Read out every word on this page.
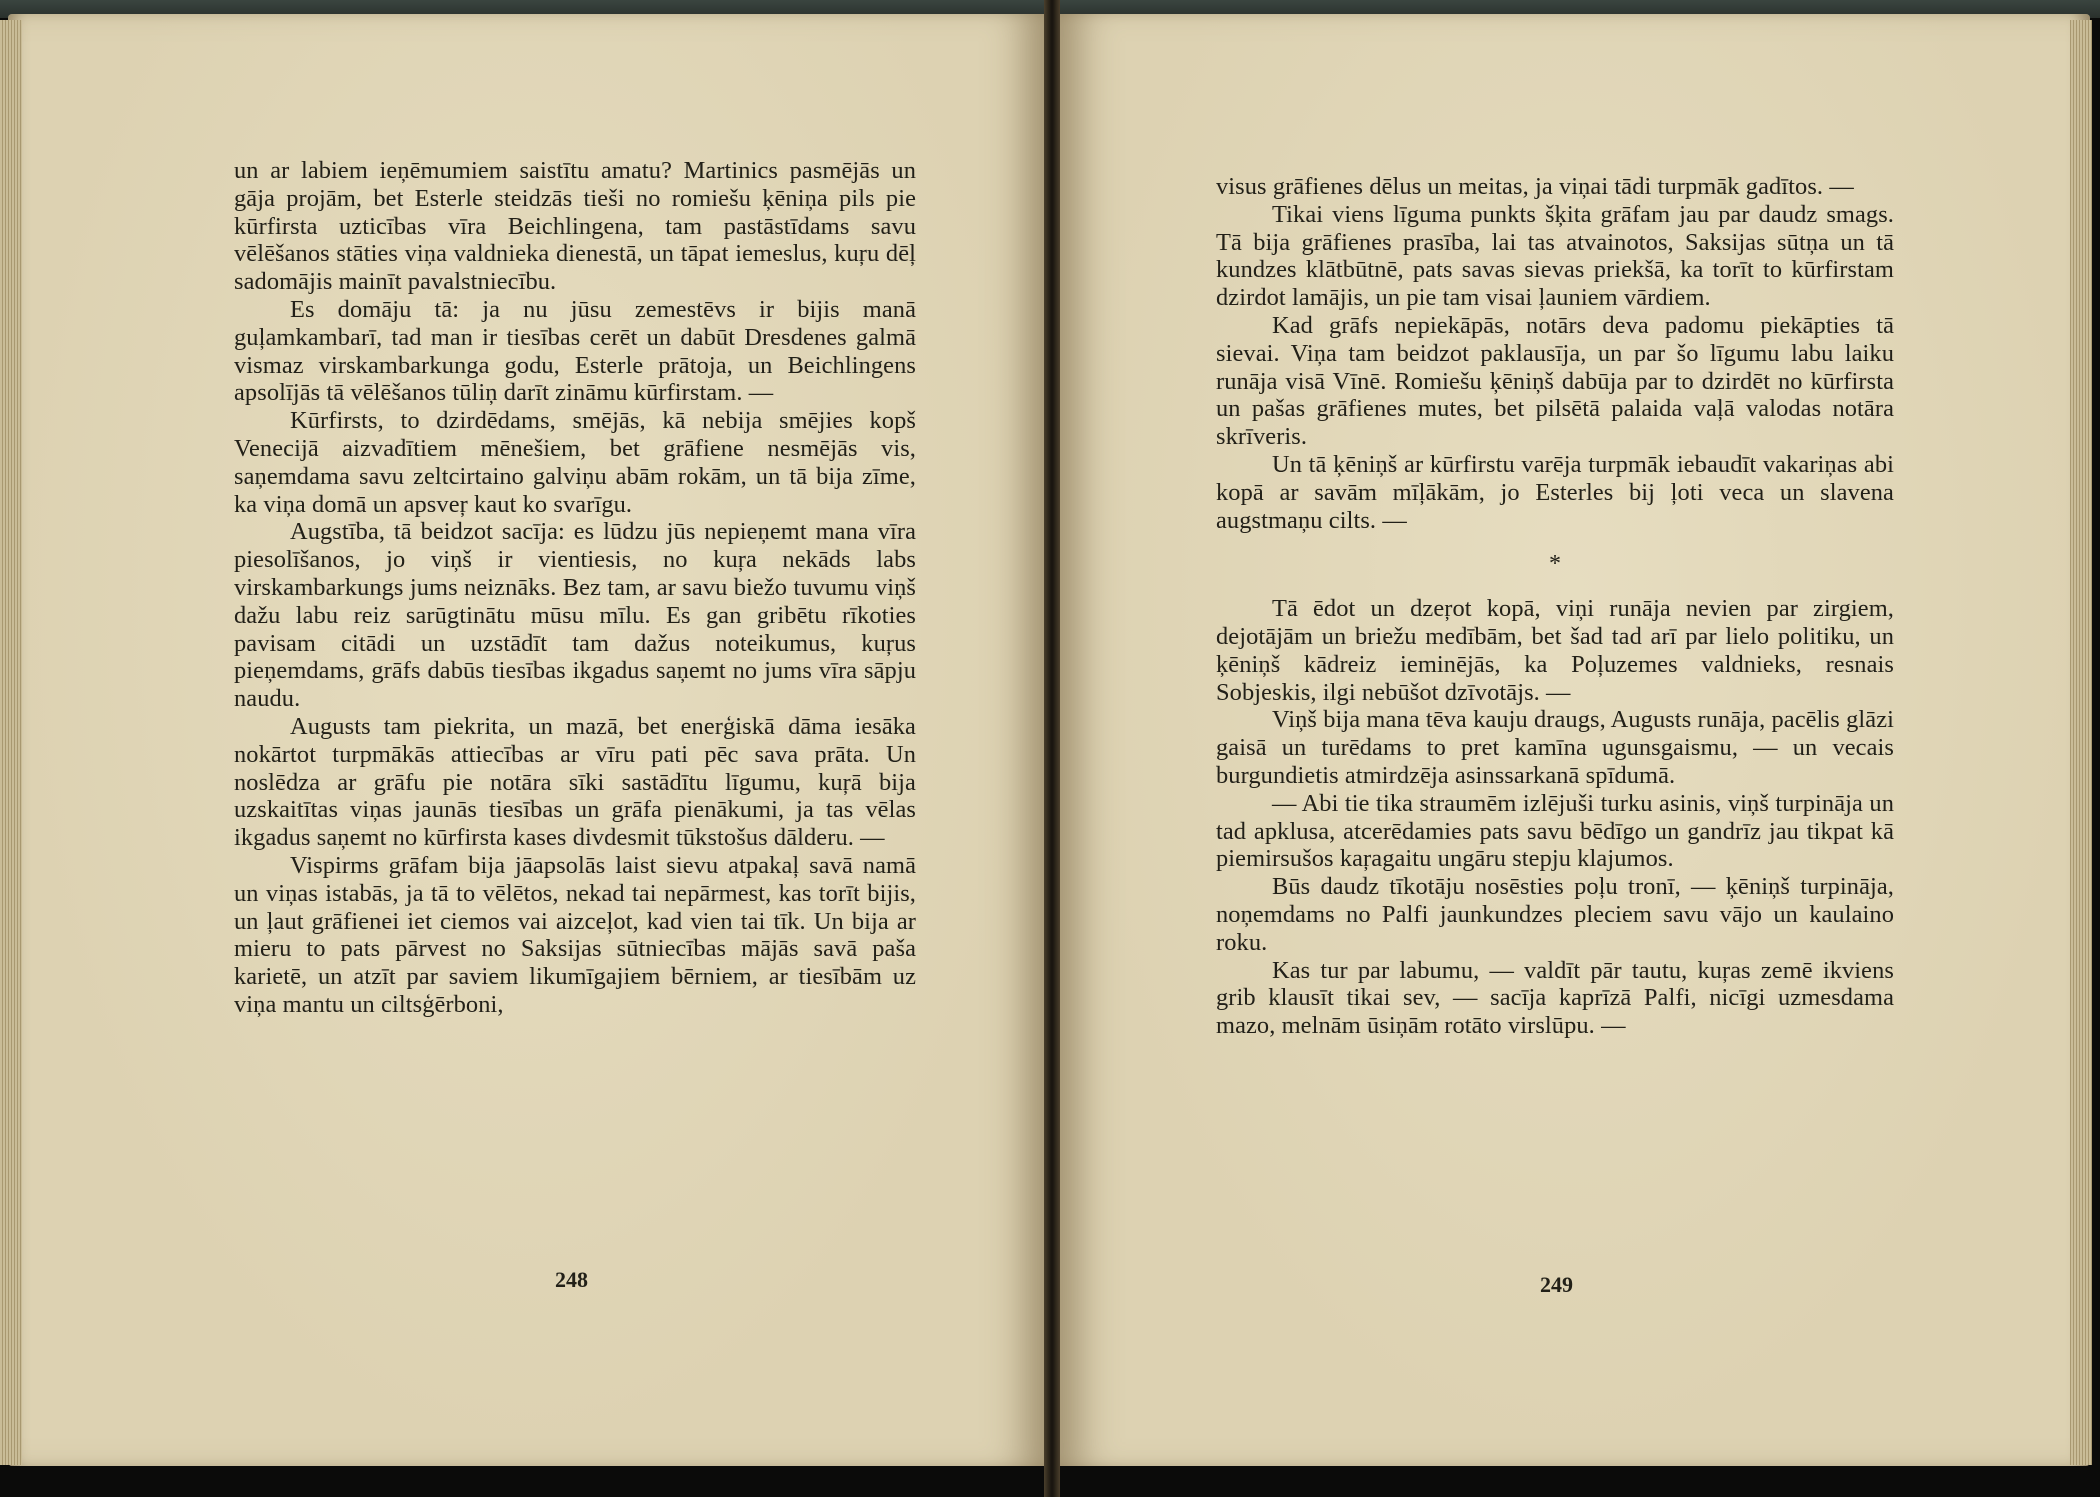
un ar labiem ieņēmumiem saistītu amatu? Martinics pasmējās un gāja projām, bet Esterle steidzās tieši no romiešu ķēniņa pils pie kūrfirsta uzticības vīra Beichlingena, tam pastāstīdams savu vēlēšanos stāties viņa valdnieka dienestā, un tāpat iemeslus, kuŗu dēļ sadomājis mainīt pavalstniecību.

Es domāju tā: ja nu jūsu zemestēvs ir bijis manā guļamkambarī, tad man ir tiesības cerēt un dabūt Dresdenes galmā vismaz virskambarkunga godu, Esterle prātoja, un Beichlingens apsolījās tā vēlēšanos tūliņ darīt zināmu kūrfirstam. —

Kūrfirsts, to dzirdēdams, smējās, kā nebija smējies kopš Venecijā aizvadītiem mēnešiem, bet grāfiene nesmējās vis, saņemdama savu zeltcirtaino galviņu abām rokām, un tā bija zīme, ka viņa domā un apsveŗ kaut ko svarīgu.

Augstība, tā beidzot sacīja: es lūdzu jūs nepieņemt mana vīra piesolīšanos, jo viņš ir vientiesis, no kuŗa nekāds labs virskambarkungs jums neiznāks. Bez tam, ar savu biežo tuvumu viņš dažu labu reiz sarūgtinātu mūsu mīlu. Es gan gribētu rīkoties pavisam citādi un uzstādīt tam dažus noteikumus, kuŗus pieņemdams, grāfs dabūs tiesības ikgadus saņemt no jums vīra sāpju naudu.

Augusts tam piekrita, un mazā, bet enerģiskā dāma iesāka nokārtot turpmākās attiecības ar vīru pati pēc sava prāta. Un noslēdza ar grāfu pie notāra sīki sastādītu līgumu, kuŗā bija uzskaitītas viņas jaunās tiesības un grāfa pienākumi, ja tas vēlas ikgadus saņemt no kūrfirsta kases divdesmit tūkstošus dālderu. —

Vispirms grāfam bija jāapsolās laist sievu atpakaļ savā namā un viņas istabās, ja tā to vēlētos, nekad tai nepārmest, kas torīt bijis, un ļaut grāfienei iet ciemos vai aizceļot, kad vien tai tīk. Un bija ar mieru to pats pārvest no Saksijas sūtniecības mājās savā paša karietē, un atzīt par saviem likumīgajiem bērniem, ar tiesībām uz viņa mantu un ciltsģērboni,

248

visus grāfienes dēlus un meitas, ja viņai tādi turpmāk gadītos. —

Tikai viens līguma punkts šķita grāfam jau par daudz smags. Tā bija grāfienes prasība, lai tas atvainotos, Saksijas sūtņa un tā kundzes klātbūtnē, pats savas sievas priekšā, ka torīt to kūrfirstam dzirdot lamājis, un pie tam visai ļauniem vārdiem.

Kad grāfs nepiekāpās, notārs deva padomu piekāpties tā sievai. Viņa tam beidzot paklausīja, un par šo līgumu labu laiku runāja visā Vīnē. Romiešu ķēniņš dabūja par to dzirdēt no kūrfirsta un pašas grāfienes mutes, bet pilsētā palaida vaļā valodas notāra skrīveris.

Un tā ķēniņš ar kūrfirstu varēja turpmāk iebaudīt vakariņas abi kopā ar savām mīļākām, jo Esterles bij ļoti veca un slavena augstmaņu cilts. —

*

Tā ēdot un dzeŗot kopā, viņi runāja nevien par zirgiem, dejotājām un briežu medībām, bet šad tad arī par lielo politiku, un ķēniņš kādreiz ieminējās, ka Poļuzemes valdnieks, resnais Sobjeskis, ilgi nebūšot dzīvotājs. —

Viņš bija mana tēva kauju draugs, Augusts runāja, pacēlis glāzi gaisā un turēdams to pret kamīna ugunsgaismu, — un vecais burgundietis atmirdzēja asinssarkanā spīdumā.

— Abi tie tika straumēm izlējuši turku asinis, viņš turpināja un tad apklusa, atcerēdamies pats savu bēdīgo un gandrīz jau tikpat kā piemirsušos kaŗagaitu ungāru stepju klajumos.

Būs daudz tīkotāju nosēsties poļu tronī, — ķēniņš turpināja, noņemdams no Palfi jaunkundzes pleciem savu vājo un kaulaino roku.

Kas tur par labumu, — valdīt pār tautu, kuŗas zemē ikviens grib klausīt tikai sev, — sacīja kaprīzā Palfi, nicīgi uzmesdama mazo, melnām ūsiņām rotāto virslūpu. —

249
